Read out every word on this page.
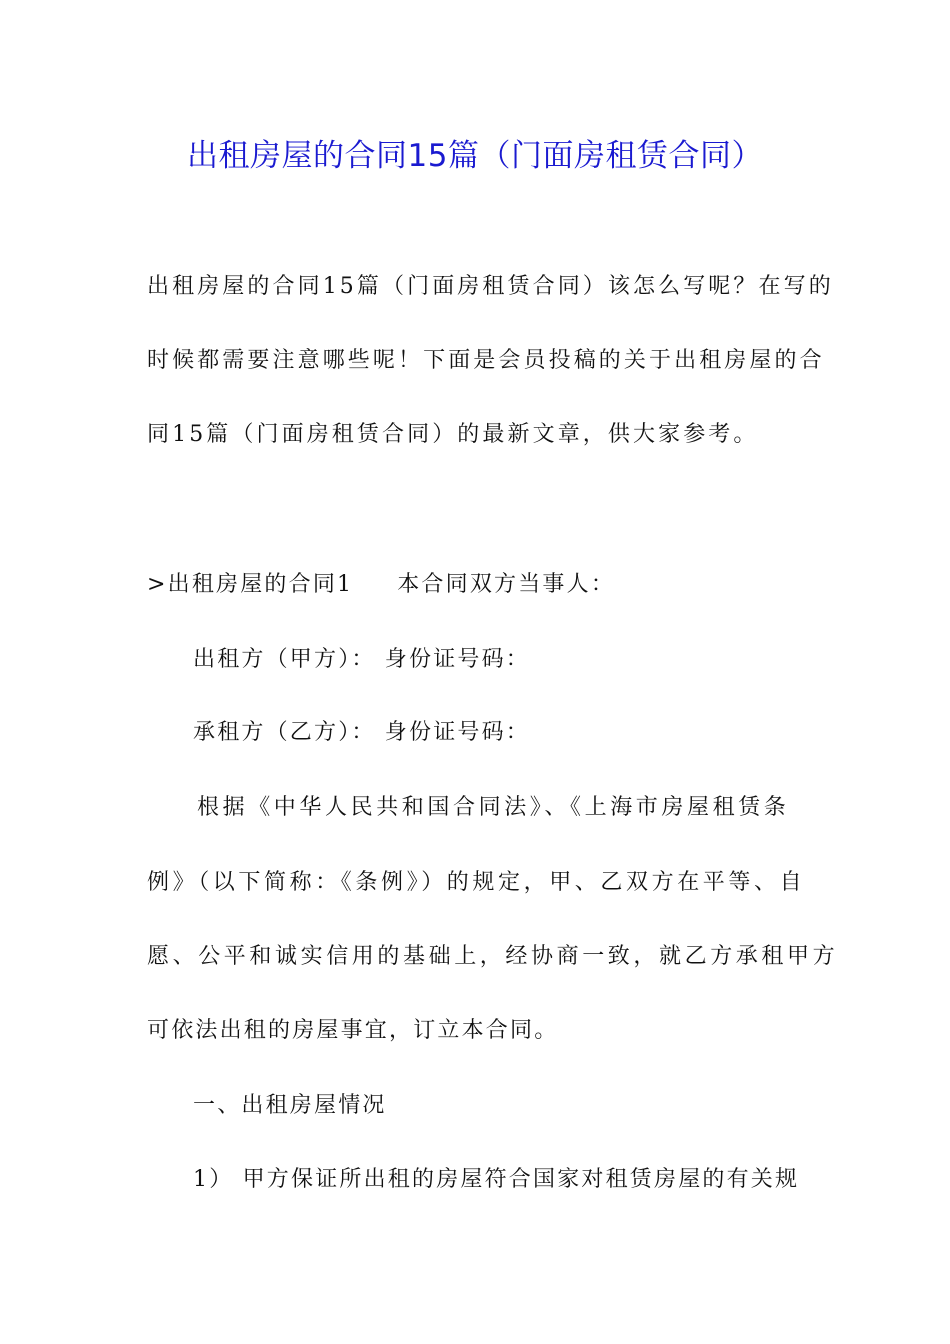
出租房屋的合同15篇（门面房租赁合同）
出租房屋的合同15篇（门面房租赁合同）该怎么写呢？在写的
时候都需要注意哪些呢！下面是会员投稿的关于出租房屋的合
同15篇（门面房租赁合同）的最新文章，供大家参考。
>出租房屋的合同1 本合同双方当事人：
出租方（甲方）： 身份证号码：
承租方（乙方）： 身份证号码：
根据《中华人民共和国合同法》、《上海市房屋租赁条
例》（以下简称：《条例》）的规定，甲、乙双方在平等、自
愿、公平和诚实信用的基础上，经协商一致，就乙方承租甲方
可依法出租的房屋事宜，订立本合同。
一、出租房屋情况
1） 甲方保证所出租的房屋符合国家对租赁房屋的有关规
